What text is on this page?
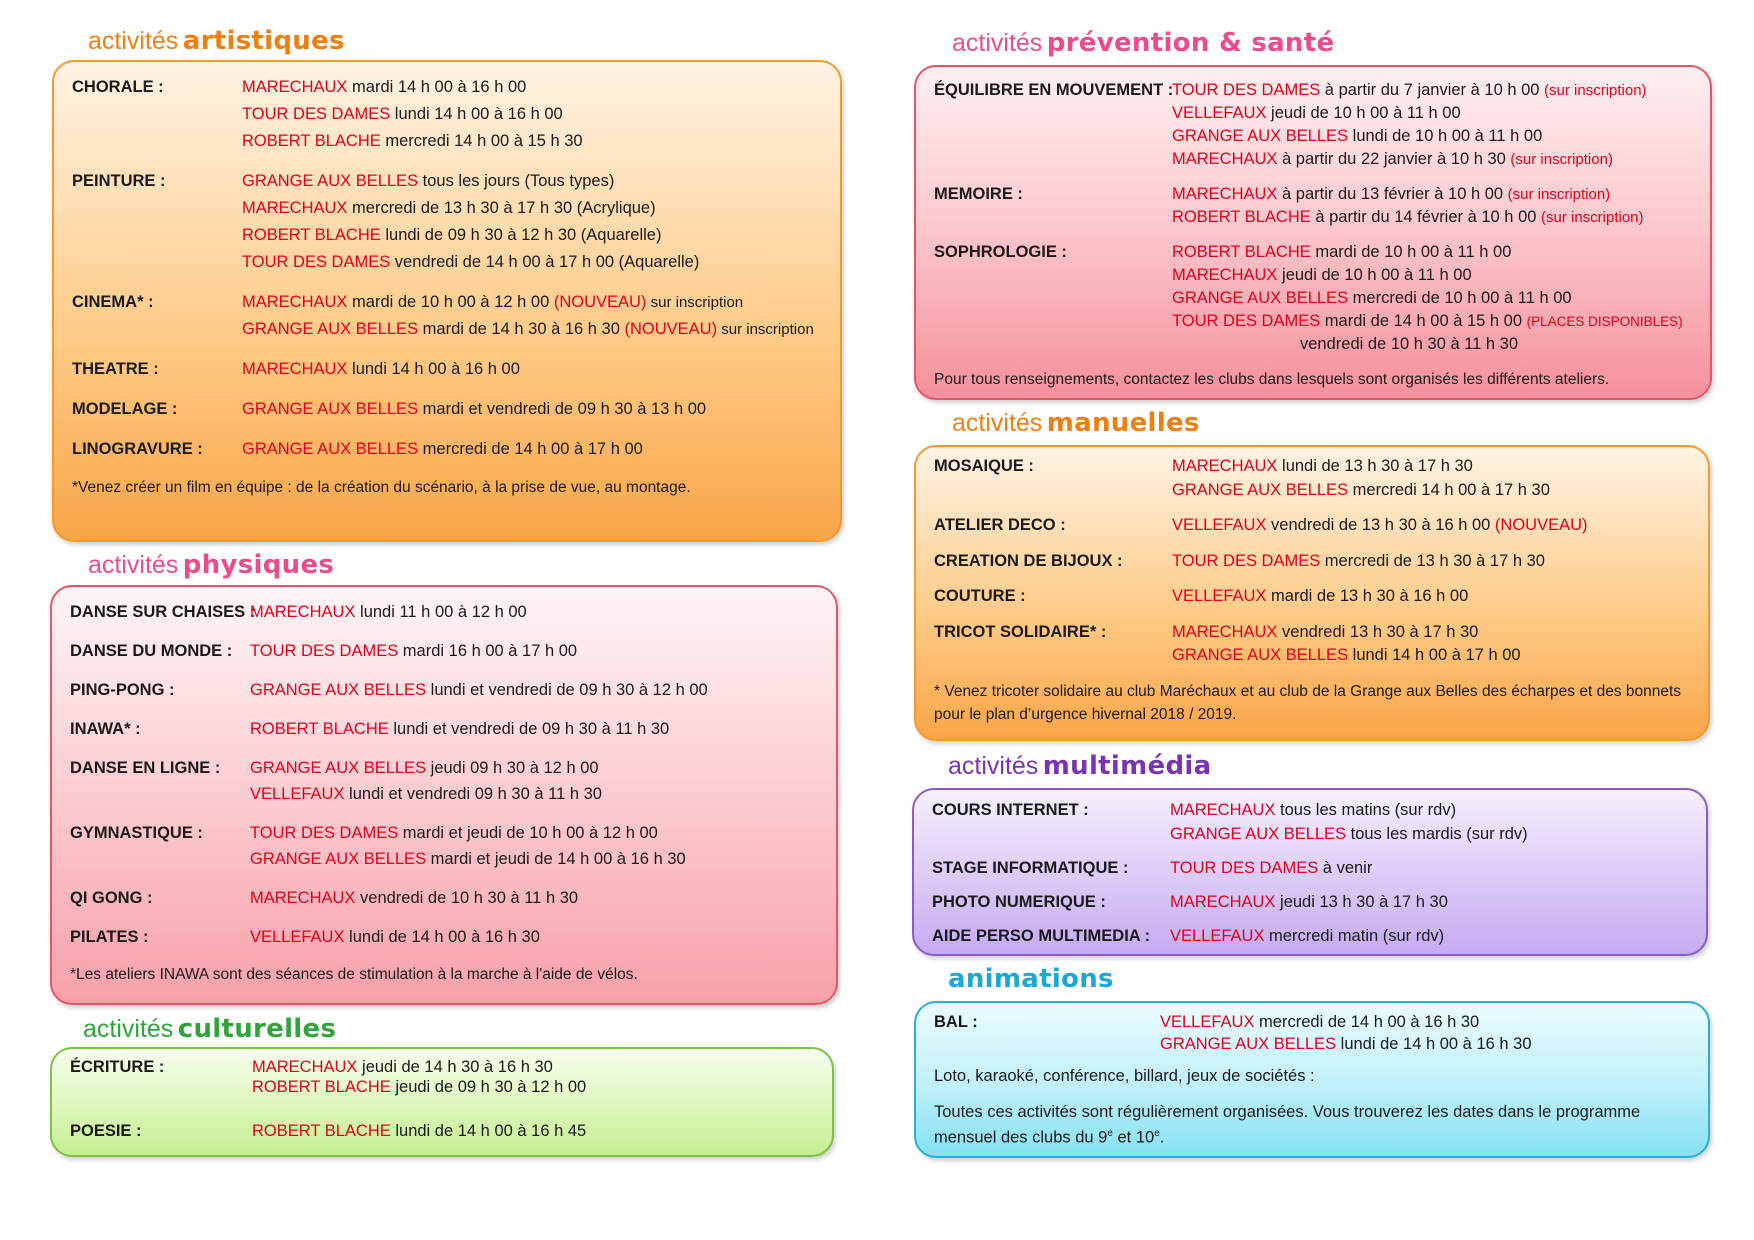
activités artistiques
CHORALE :	MARECHAUX mardi 14 h 00 à 16 h 00
TOUR DES DAMES lundi 14 h 00 à 16 h 00
ROBERT BLACHE mercredi 14 h 00 à 15 h 30
PEINTURE :	GRANGE AUX BELLES tous les jours (Tous types)
MARECHAUX mercredi de 13 h 30 à 17 h 30 (Acrylique)
ROBERT BLACHE lundi de 09 h 30 à 12 h 30 (Aquarelle)
TOUR DES DAMES vendredi de 14 h 00 à 17 h 00 (Aquarelle)
CINEMA* :	MARECHAUX mardi de 10 h 00 à 12 h 00 (NOUVEAU) sur inscription
GRANGE AUX BELLES mardi de 14 h 30 à 16 h 30 (NOUVEAU) sur inscription
THEATRE :	MARECHAUX lundi 14 h 00 à 16 h 00
MODELAGE :	GRANGE AUX BELLES mardi et vendredi de 09 h 30 à 13 h 00
LINOGRAVURE :	GRANGE AUX BELLES mercredi de 14 h 00 à 17 h 00
*Venez créer un film en équipe : de la création du scénario, à la prise de vue, au montage.
activités physiques
DANSE SUR CHAISES :
MARECHAUX lundi 11 h 00 à 12 h 00
DANSE DU MONDE :	TOUR DES DAMES mardi 16 h 00 à 17 h 00
PING-PONG :	GRANGE AUX BELLES lundi et vendredi de 09 h 30 à 12 h 00
INAWA* :	ROBERT BLACHE lundi et vendredi de 09 h 30 à 11 h 30
DANSE EN LIGNE :	GRANGE AUX BELLES jeudi 09 h 30 à 12 h 00
VELLEFAUX lundi et vendredi 09 h 30 à 11 h 30
GYMNASTIQUE :	TOUR DES DAMES mardi et jeudi de 10 h 00 à 12 h 00
GRANGE AUX BELLES mardi et jeudi de 14 h 00 à 16 h 30
QI GONG :	MARECHAUX vendredi de 10 h 30 à 11 h 30
PILATES :	VELLEFAUX lundi de 14 h 00 à 16 h 30
*Les ateliers INAWA sont des séances de stimulation à la marche à l'aide de vélos.
activités culturelles
ÉCRITURE :	MARECHAUX jeudi de 14 h 30 à 16 h 30
ROBERT BLACHE jeudi de 09 h 30 à 12 h 00
POESIE :	ROBERT BLACHE lundi de 14 h 00 à 16 h 45
activités prévention & santé
ÉQUILIBRE EN MOUVEMENT :
TOUR DES DAMES à partir du 7 janvier à 10 h 00 (sur inscription)
VELLEFAUX jeudi de 10 h 00 à 11 h 00
GRANGE AUX BELLES lundi de 10 h 00 à 11 h 00
MARECHAUX à partir du 22 janvier à 10 h 30 (sur inscription)
MEMOIRE :	MARECHAUX à partir du 13 février à 10 h 00 (sur inscription)
ROBERT BLACHE à partir du 14 février à 10 h 00 (sur inscription)
SOPHROLOGIE :	ROBERT BLACHE mardi de 10 h 00 à 11 h 00
MARECHAUX jeudi de 10 h 00 à 11 h 00
GRANGE AUX BELLES mercredi de 10 h 00 à 11 h 00
TOUR DES DAMES mardi de 14 h 00 à 15 h 00 (PLACES DISPONIBLES)
vendredi de 10 h 30 à 11 h 30
Pour tous renseignements, contactez les clubs dans lesquels sont organisés les différents ateliers.
activités manuelles
MOSAIQUE :	MARECHAUX lundi de 13 h 30 à 17 h 30
GRANGE AUX BELLES mercredi 14 h 00 à 17 h 30
ATELIER DECO :	VELLEFAUX vendredi de 13 h 30 à 16 h 00 (NOUVEAU)
CREATION DE BIJOUX :	TOUR DES DAMES mercredi de 13 h 30 à 17 h 30
COUTURE :	VELLEFAUX mardi de 13 h 30 à 16 h 00
TRICOT SOLIDAIRE* :	MARECHAUX vendredi 13 h 30 à 17 h 30
GRANGE AUX BELLES lundi 14 h 00 à 17 h 00
* Venez tricoter solidaire au club Maréchaux et au club de la Grange aux Belles des écharpes et des bonnets pour le plan d’urgence hivernal 2018 / 2019.
activités multimédia
COURS INTERNET :	MARECHAUX tous les matins (sur rdv)
GRANGE AUX BELLES tous les mardis (sur rdv)
STAGE INFORMATIQUE :	TOUR DES DAMES à venir
PHOTO NUMERIQUE :	MARECHAUX jeudi 13 h 30 à 17 h 30
AIDE PERSO MULTIMEDIA :	VELLEFAUX mercredi matin (sur rdv)
animations
BAL :	VELLEFAUX mercredi de 14 h 00 à 16 h 30
GRANGE AUX BELLES lundi de 14 h 00 à 16 h 30
Loto, karaoké, conférence, billard, jeux de sociétés :
Toutes ces activités sont régulièrement organisées. Vous trouverez les dates dans le programme mensuel des clubs du 9e et 10e.
